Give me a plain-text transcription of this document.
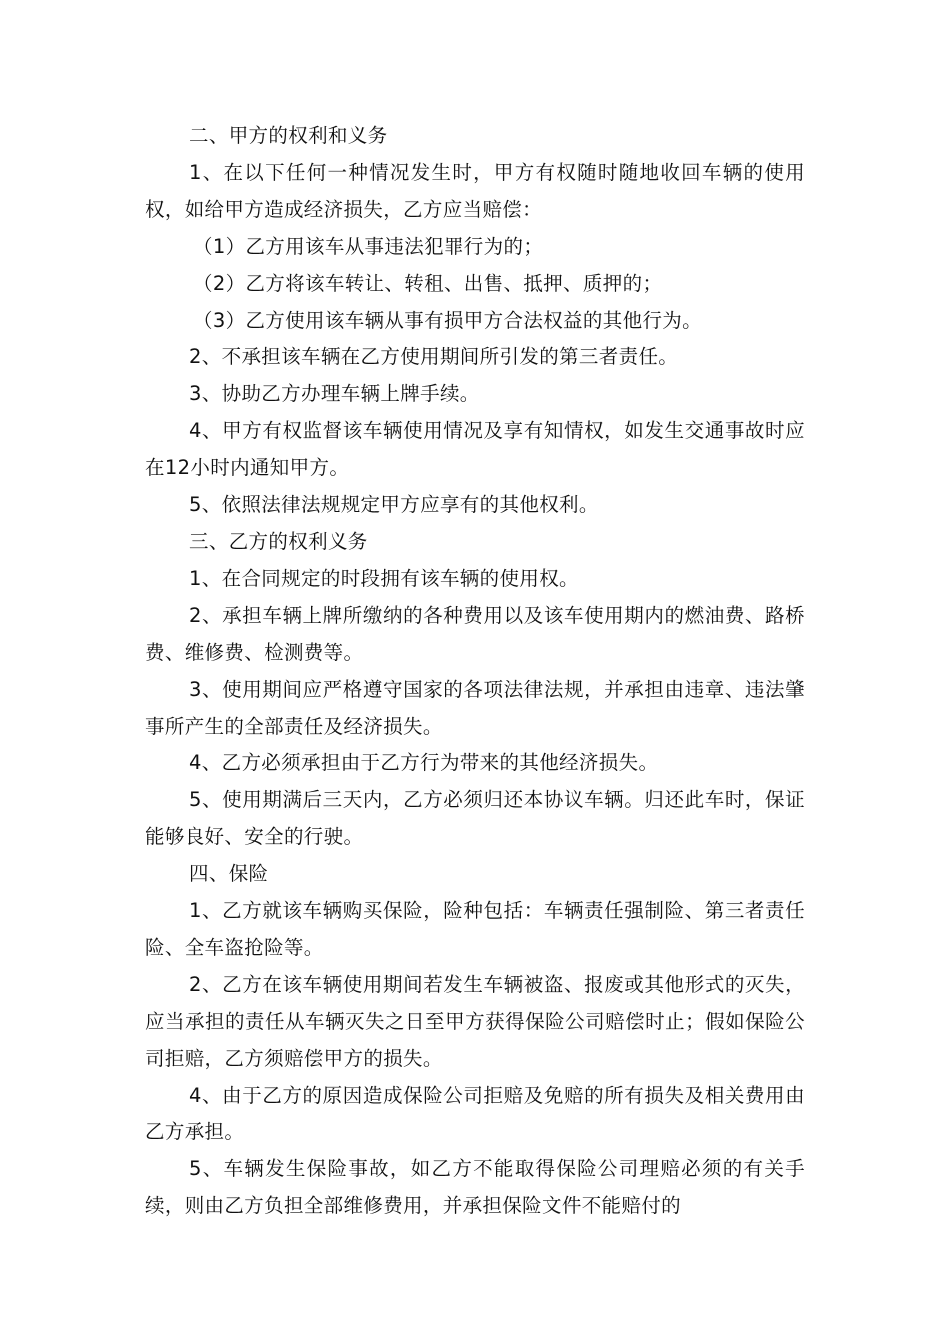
二、甲方的权利和义务

1、在以下任何一种情况发生时，甲方有权随时随地收回车辆的使用权，如给甲方造成经济损失，乙方应当赔偿：

（1）乙方用该车从事违法犯罪行为的；

（2）乙方将该车转让、转租、出售、抵押、质押的；

（3）乙方使用该车辆从事有损甲方合法权益的其他行为。

2、不承担该车辆在乙方使用期间所引发的第三者责任。

3、协助乙方办理车辆上牌手续。

4、甲方有权监督该车辆使用情况及享有知情权，如发生交通事故时应在12小时内通知甲方。

5、依照法律法规规定甲方应享有的其他权利。

三、乙方的权利义务

1、在合同规定的时段拥有该车辆的使用权。

2、承担车辆上牌所缴纳的各种费用以及该车使用期内的燃油费、路桥费、维修费、检测费等。

3、使用期间应严格遵守国家的各项法律法规，并承担由违章、违法肇事所产生的全部责任及经济损失。

4、乙方必须承担由于乙方行为带来的其他经济损失。

5、使用期满后三天内，乙方必须归还本协议车辆。归还此车时，保证能够良好、安全的行驶。

四、保险

1、乙方就该车辆购买保险，险种包括：车辆责任强制险、第三者责任险、全车盗抢险等。

2、乙方在该车辆使用期间若发生车辆被盗、报废或其他形式的灭失，应当承担的责任从车辆灭失之日至甲方获得保险公司赔偿时止；假如保险公司拒赔，乙方须赔偿甲方的损失。

4、由于乙方的原因造成保险公司拒赔及免赔的所有损失及相关费用由乙方承担。

5、车辆发生保险事故，如乙方不能取得保险公司理赔必须的有关手续，则由乙方负担全部维修费用，并承担保险文件不能赔付的
